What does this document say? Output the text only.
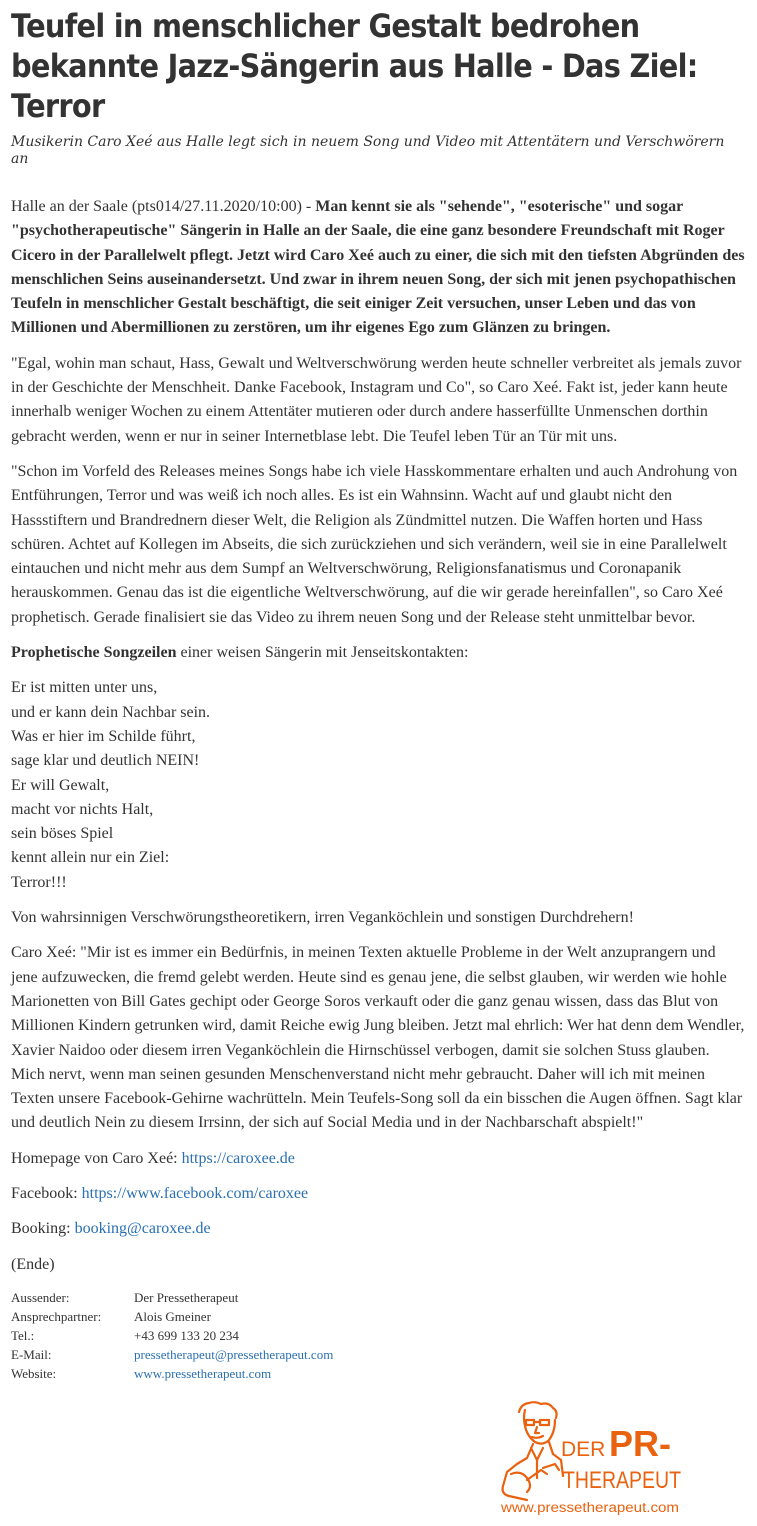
Teufel in menschlicher Gestalt bedrohen bekannte Jazz-Sängerin aus Halle - Das Ziel: Terror
Musikerin Caro Xeé aus Halle legt sich in neuem Song und Video mit Attentätern und Verschwörern an

Halle an der Saale (pts014/27.11.2020/10:00) - Man kennt sie als "sehende", "esoterische" und sogar "psychotherapeutische" Sängerin in Halle an der Saale, die eine ganz besondere Freundschaft mit Roger Cicero in der Parallelwelt pflegt. Jetzt wird Caro Xeé auch zu einer, die sich mit den tiefsten Abgründen des menschlichen Seins auseinandersetzt. Und zwar in ihrem neuen Song, der sich mit jenen psychopathischen Teufeln in menschlicher Gestalt beschäftigt, die seit einiger Zeit versuchen, unser Leben und das von Millionen und Abermillionen zu zerstören, um ihr eigenes Ego zum Glänzen zu bringen.

"Egal, wohin man schaut, Hass, Gewalt und Weltverschwörung werden heute schneller verbreitet als jemals zuvor in der Geschichte der Menschheit. Danke Facebook, Instagram und Co", so Caro Xeé. Fakt ist, jeder kann heute innerhalb weniger Wochen zu einem Attentäter mutieren oder durch andere hasserfüllte Unmenschen dorthin gebracht werden, wenn er nur in seiner Internetblase lebt. Die Teufel leben Tür an Tür mit uns.

"Schon im Vorfeld des Releases meines Songs habe ich viele Hasskommentare erhalten und auch Androhung von Entführungen, Terror und was weiß ich noch alles. Es ist ein Wahnsinn. Wacht auf und glaubt nicht den Hassstiftern und Brandrednern dieser Welt, die Religion als Zündmittel nutzen. Die Waffen horten und Hass schüren. Achtet auf Kollegen im Abseits, die sich zurückziehen und sich verändern, weil sie in eine Parallelwelt eintauchen und nicht mehr aus dem Sumpf an Weltverschwörung, Religionsfanatismus und Coronapanik herauskommen. Genau das ist die eigentliche Weltverschwörung, auf die wir gerade hereinfallen", so Caro Xeé prophetisch. Gerade finalisiert sie das Video zu ihrem neuen Song und der Release steht unmittelbar bevor.

Prophetische Songzeilen einer weisen Sängerin mit Jenseitskontakten:

Er ist mitten unter uns,
und er kann dein Nachbar sein.
Was er hier im Schilde führt,
sage klar und deutlich NEIN!
Er will Gewalt,
macht vor nichts Halt,
sein böses Spiel
kennt allein nur ein Ziel:
Terror!!!

Von wahrsinnigen Verschwörungstheoretikern, irren Veganköchlein und sonstigen Durchdrehern!

Caro Xeé: "Mir ist es immer ein Bedürfnis, in meinen Texten aktuelle Probleme in der Welt anzuprangern und jene aufzuwecken, die fremd gelebt werden. Heute sind es genau jene, die selbst glauben, wir werden wie hohle Marionetten von Bill Gates gechipt oder George Soros verkauft oder die ganz genau wissen, dass das Blut von Millionen Kindern getrunken wird, damit Reiche ewig Jung bleiben. Jetzt mal ehrlich: Wer hat denn dem Wendler, Xavier Naidoo oder diesem irren Veganköchlein die Hirnschüssel verbogen, damit sie solchen Stuss glauben. Mich nervt, wenn man seinen gesunden Menschenverstand nicht mehr gebraucht. Daher will ich mit meinen Texten unsere Facebook-Gehirne wachrütteln. Mein Teufels-Song soll da ein bisschen die Augen öffnen. Sagt klar und deutlich Nein zu diesem Irrsinn, der sich auf Social Media und in der Nachbarschaft abspielt!"

Homepage von Caro Xeé: https://caroxee.de

Facebook: https://www.facebook.com/caroxee

Booking: booking@caroxee.de

(Ende)

Aussender:	Der Pressetherapeut
Ansprechpartner:	Alois Gmeiner
Tel.:	+43 699 133 20 234
E-Mail:	pressetherapeut@pressetherapeut.com
Website:	www.pressetherapeut.com
DER PR-
THERAPEUT
www.pressetherapeut.com
